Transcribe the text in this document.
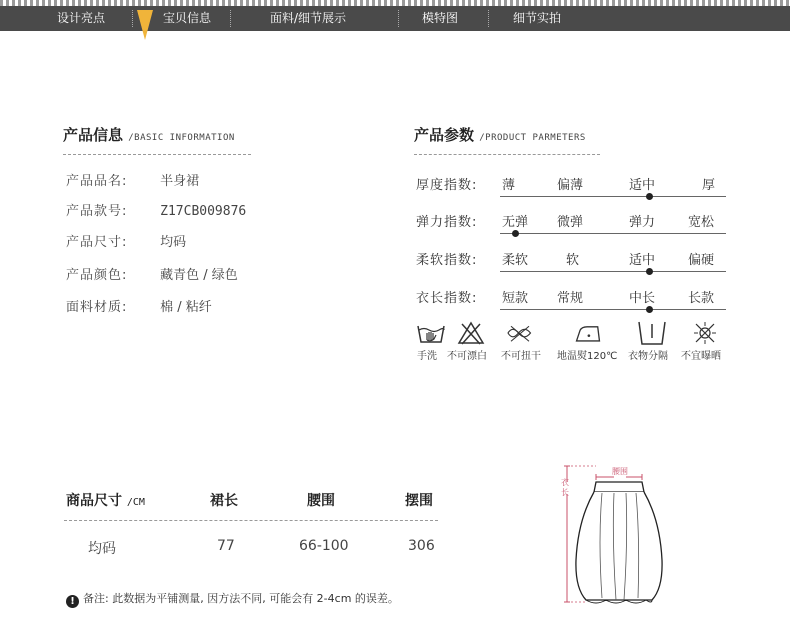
设计亮点	宝贝信息	面料/细节展示	模特图	细节实拍
产品信息 /BASIC INFORMATION
产品品名:	半身裙
产品款号:	Z17CB009876
产品尺寸:	均码
产品颜色:	藏青色 / 绿色
面料材质:	棉 / 粘纤
产品参数 /PRODUCT PARMETERS
厚度指数: 薄	偏薄	适中	厚
弹力指数: 无弹 微弹	弹力	宽松
柔软指数: 柔软	软	适中	偏硬
衣长指数: 短款 常规	中长	长款
手洗 不可漂白 不可扭干 地温熨120℃ 衣物分隔 不宜曝晒
商品尺寸 /CM	裙长	腰围	摆围
均码	77	66-100	306
! 备注: 此数据为平铺测量, 因方法不同, 可能会有 2-4cm 的误差。
腰围
衣长
